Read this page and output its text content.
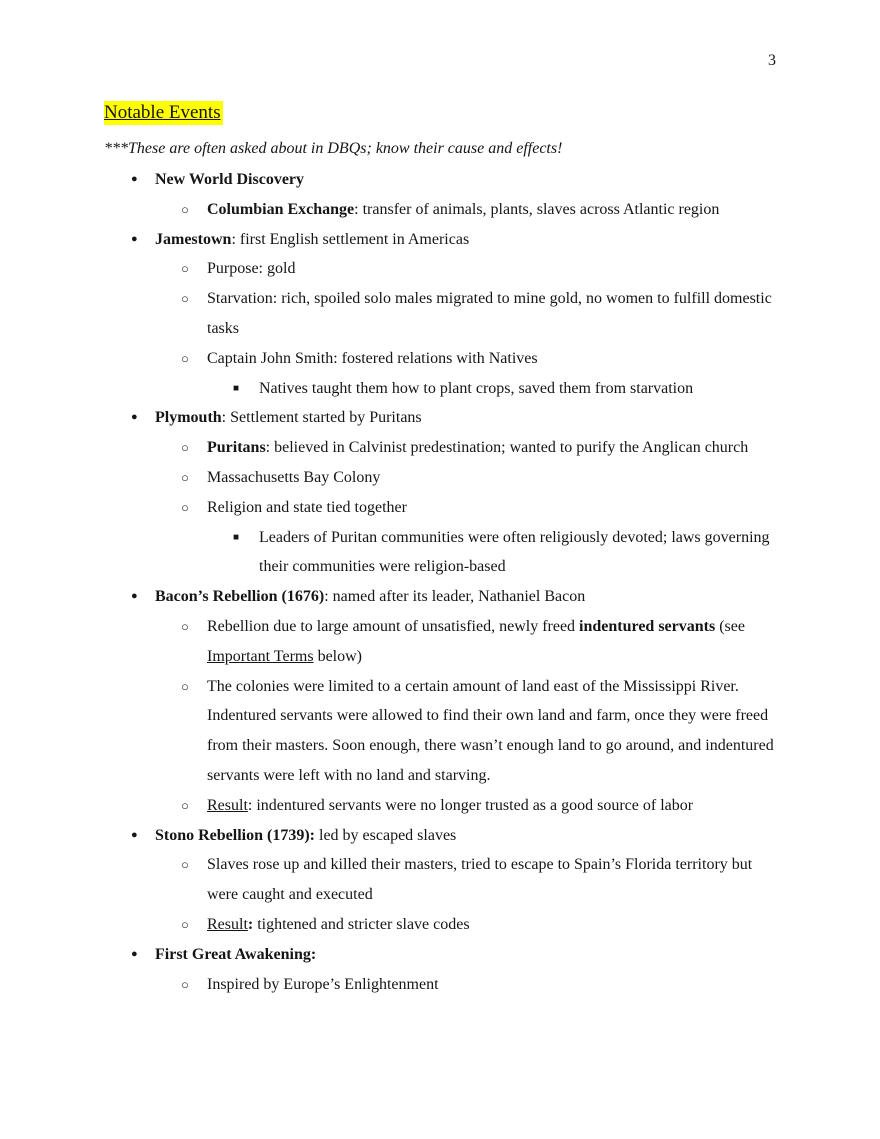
3
Notable Events

***These are often asked about in DBQs; know their cause and effects!

● New World Discovery
○ Columbian Exchange: transfer of animals, plants, slaves across Atlantic region
● Jamestown: first English settlement in Americas
○ Purpose: gold
○ Starvation: rich, spoiled solo males migrated to mine gold, no women to fulfill domestic tasks
○ Captain John Smith: fostered relations with Natives
■ Natives taught them how to plant crops, saved them from starvation
● Plymouth: Settlement started by Puritans
○ Puritans: believed in Calvinist predestination; wanted to purify the Anglican church
○ Massachusetts Bay Colony
○ Religion and state tied together
■ Leaders of Puritan communities were often religiously devoted; laws governing their communities were religion-based
● Bacon’s Rebellion (1676): named after its leader, Nathaniel Bacon
○ Rebellion due to large amount of unsatisfied, newly freed indentured servants (see Important Terms below)
○ The colonies were limited to a certain amount of land east of the Mississippi River. Indentured servants were allowed to find their own land and farm, once they were freed from their masters. Soon enough, there wasn’t enough land to go around, and indentured servants were left with no land and starving.
○ Result: indentured servants were no longer trusted as a good source of labor
● Stono Rebellion (1739): led by escaped slaves
○ Slaves rose up and killed their masters, tried to escape to Spain’s Florida territory but were caught and executed
○ Result: tightened and stricter slave codes
● First Great Awakening:
○ Inspired by Europe’s Enlightenment
